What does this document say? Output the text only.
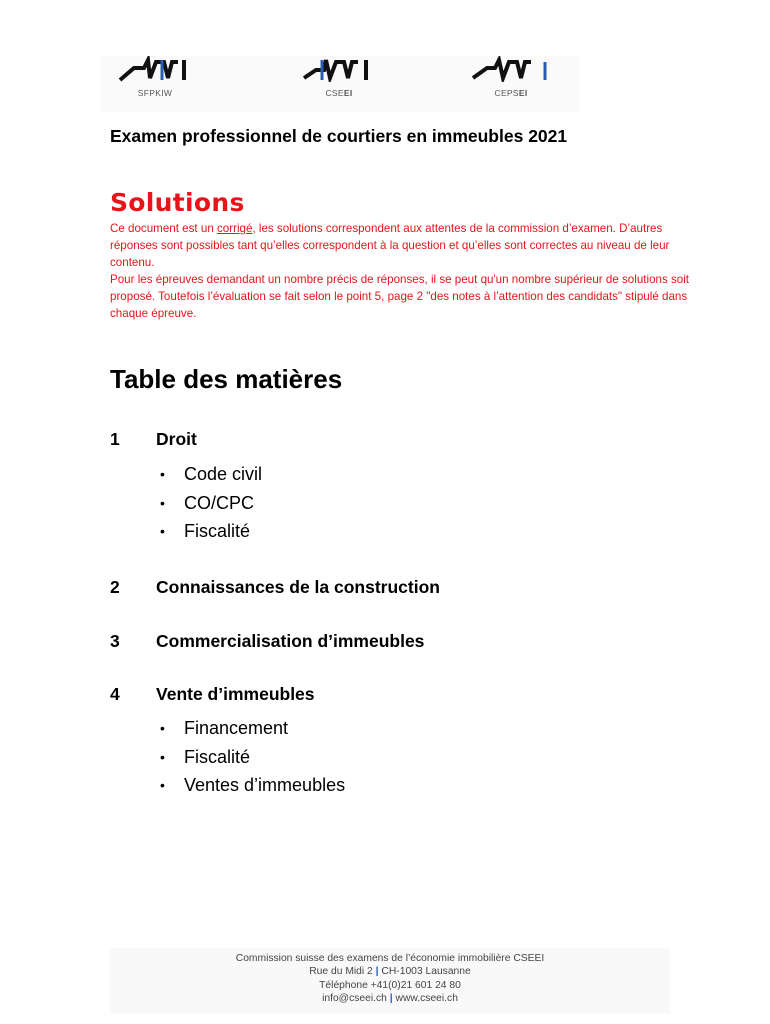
SFPKIW	CSEEI	CEPSEI
Examen professionnel de courtiers en immeubles 2021
Solutions

Ce document est un corrigé, les solutions correspondent aux attentes de la commission d’examen. D’autres réponses sont possibles tant qu’elles correspondent à la question et qu’elles sont correctes au niveau de leur contenu.

Pour les épreuves demandant un nombre précis de réponses, il se peut qu'un nombre supérieur de solutions soit proposé. Toutefois l’évaluation se fait selon le point 5, page 2 "des notes à l’attention des candidats" stipulé dans chaque épreuve.

Table des matières
1 Droit
• Code civil
• CO/CPC
• Fiscalité
2 Connaissances de la construction
3 Commercialisation d’immeubles
4 Vente d’immeubles
• Financement
• Fiscalité
• Ventes d’immeubles
Commission suisse des examens de l’économie immobilière CSEEI
Rue du Midi 2 | CH-1003 Lausanne
Téléphone +41(0)21 601 24 80
info@cseei.ch | www.cseei.ch
